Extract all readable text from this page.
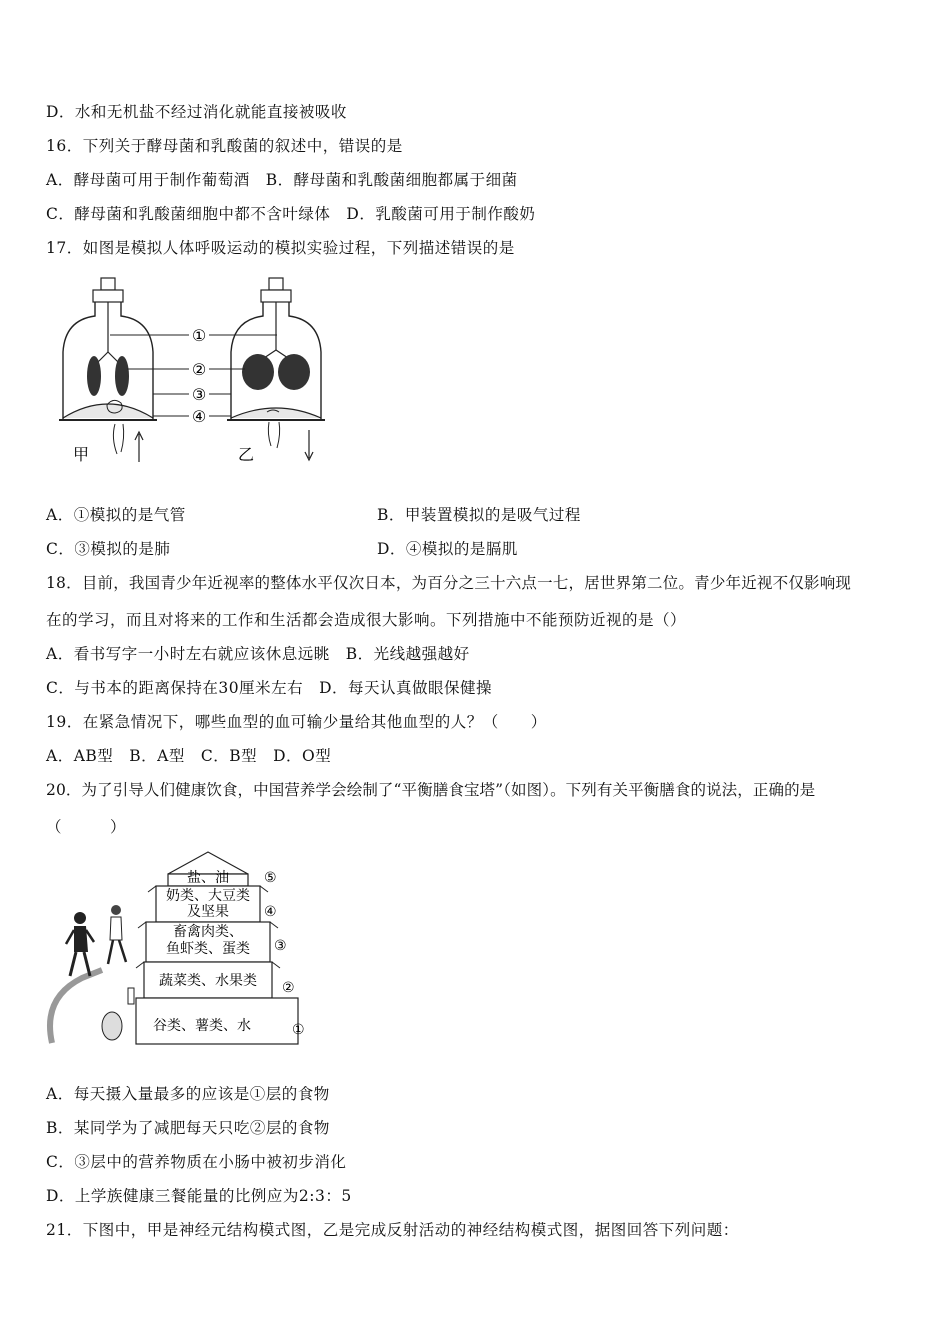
D．水和无机盐不经过消化就能直接被吸收
16．下列关于酵母菌和乳酸菌的叙述中，错误的是
A．酵母菌可用于制作葡萄酒　 B．酵母菌和乳酸菌细胞都属于细菌
C．酵母菌和乳酸菌细胞中都不含叶绿体　 D．乳酸菌可用于制作酸奶
17．如图是模拟人体呼吸运动的模拟实验过程，下列描述错误的是
①
②
③
④
甲	乙
A．①模拟的是气管	B．甲装置模拟的是吸气过程
C．③模拟的是肺	D．④模拟的是膈肌
18．目前，我国青少年近视率的整体水平仅次日本，为百分之三十六点一七，居世界第二位。青少年近视不仅影响现
在的学习，而且对将来的工作和生活都会造成很大影响。下列措施中不能预防近视的是（）
A．看书写字一小时左右就应该休息远眺　B．光线越强越好
C．与书本的距离保持在30厘米左右　D．每天认真做眼保健操
19．在紧急情况下，哪些血型的血可输少量给其他血型的人？（　　）
A．AB型　B．A型　C．B型　D．O型
20．为了引导人们健康饮食，中国营养学会绘制了“平衡膳食宝塔”（如图）。下列有关平衡膳食的说法，正确的是
（　　　）
盐、油
奶类、大豆类
及坚果
畜禽肉类、
鱼虾类、蛋类
蔬菜类、水果类
谷类、薯类、水
⑤
④
③
②
①
A．每天摄入量最多的应该是①层的食物
B．某同学为了减肥每天只吃②层的食物
C．③层中的营养物质在小肠中被初步消化
D．上学族健康三餐能量的比例应为2:3：5
21．下图中，甲是神经元结构模式图，乙是完成反射活动的神经结构模式图，据图回答下列问题：
